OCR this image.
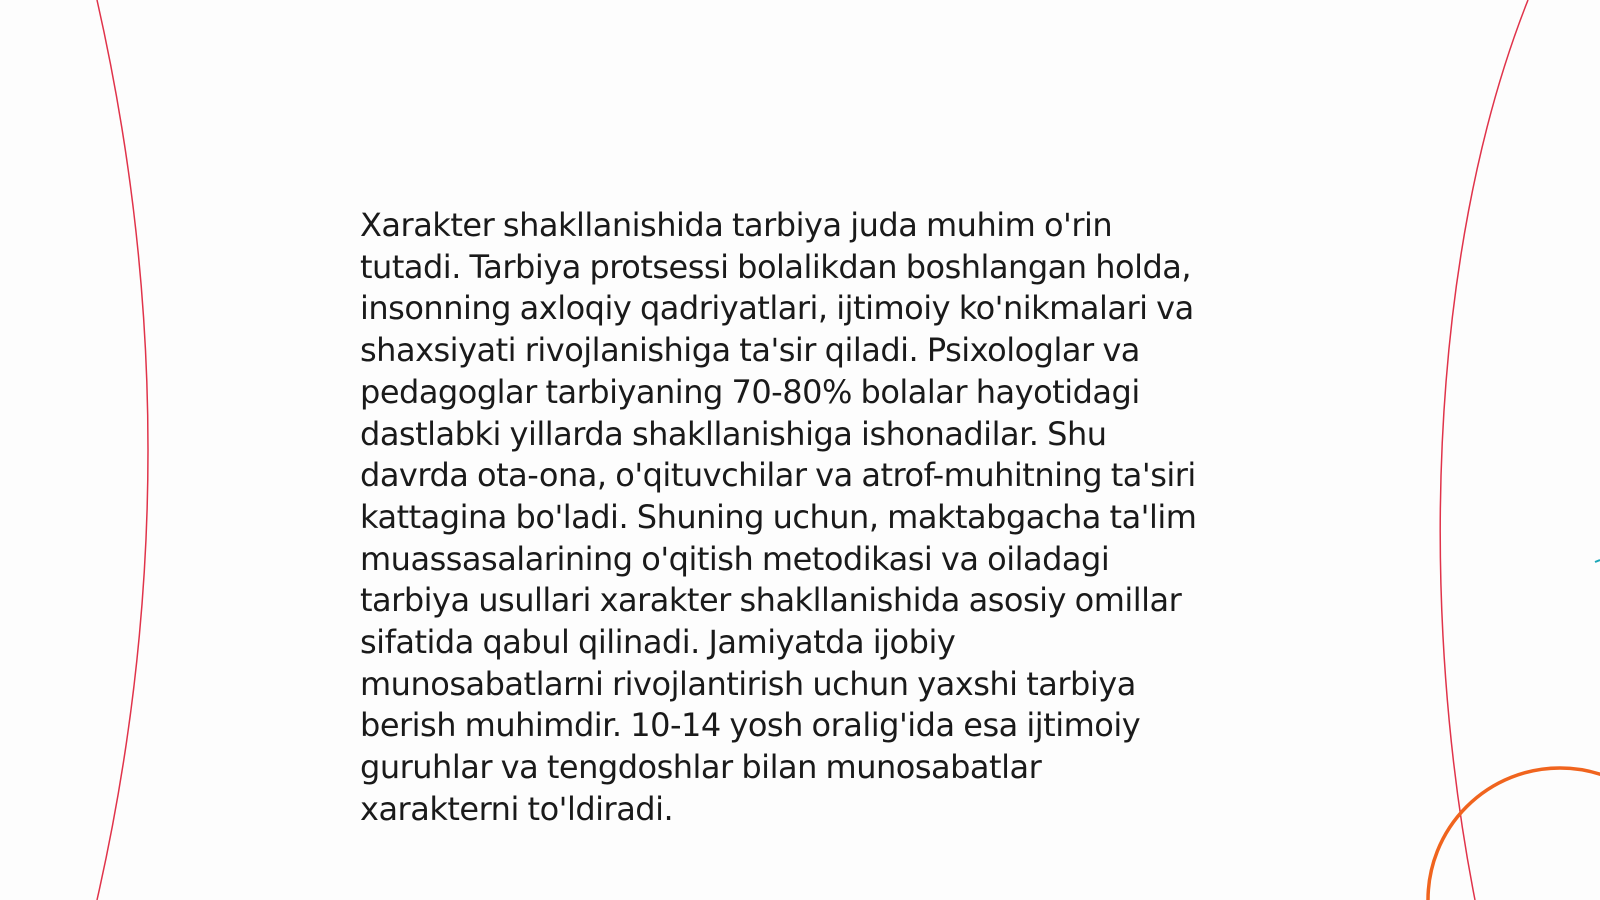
Xarakter shakllanishida tarbiya juda muhim o'rin
tutadi. Tarbiya protsessi bolalikdan boshlangan holda,
insonning axloqiy qadriyatlari, ijtimoiy ko'nikmalari va
shaxsiyati rivojlanishiga ta'sir qiladi. Psixologlar va
pedagoglar tarbiyaning 70-80% bolalar hayotidagi
dastlabki yillarda shakllanishiga ishonadilar. Shu
davrda ota-ona, o'qituvchilar va atrof-muhitning ta'siri
kattagina bo'ladi. Shuning uchun, maktabgacha ta'lim
muassasalarining o'qitish metodikasi va oiladagi
tarbiya usullari xarakter shakllanishida asosiy omillar
sifatida qabul qilinadi. Jamiyatda ijobiy
munosabatlarni rivojlantirish uchun yaxshi tarbiya
berish muhimdir. 10-14 yosh oralig'ida esa ijtimoiy
guruhlar va tengdoshlar bilan munosabatlar
xarakterni to'ldiradi.
